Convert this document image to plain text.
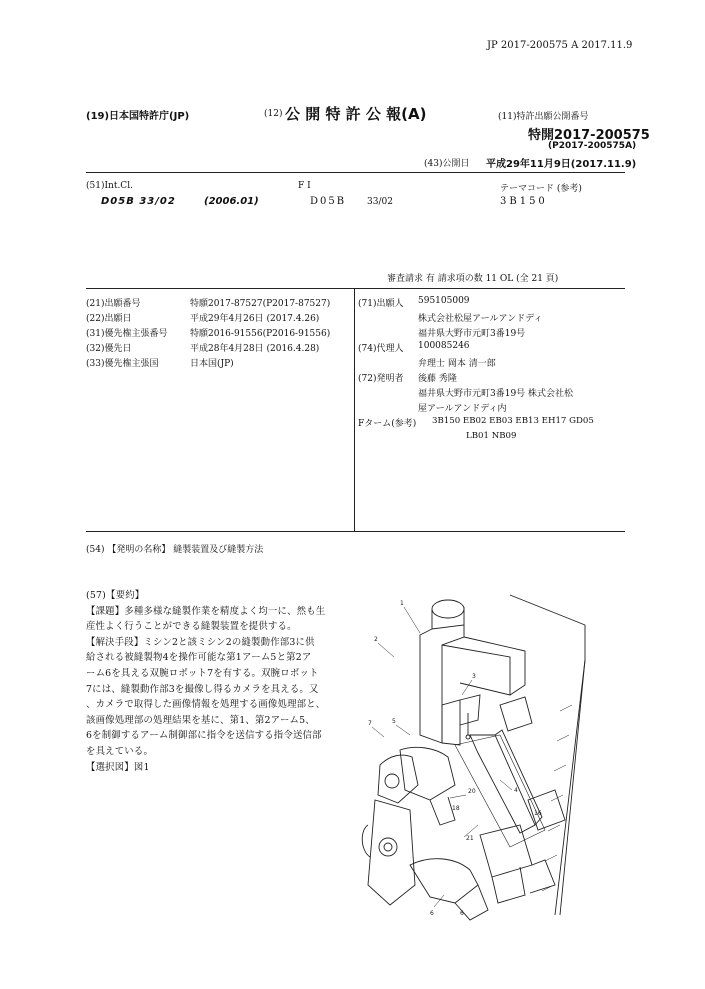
JP 2017-200575 A 2017.11.9
(19)日本国特許庁(JP)	(12) 公 開 特 許 公 報(A)	(11)特許出願公開番号
特開2017-200575
(P2017-200575A)
(43)公開日 平成29年11月9日(2017.11.9)
(51)Int.Cl.
D05B 33/02	(2006.01)
F I
D05B 33/02
テーマコード (参考)
3B150
審査請求 有 請求項の数 11 OL (全 21 頁)
(21)出願番号	特願2017-87527(P2017-87527)
(22)出願日	平成29年4月26日 (2017.4.26)
(31)優先権主張番号	特願2016-91556(P2016-91556)
(32)優先日	平成28年4月28日 (2016.4.28)
(33)優先権主張国	日本国(JP)
(71)出願人 595105009
株式会社松屋アールアンドディ
福井県大野市元町3番19号
(74)代理人 100085246
弁理士 岡本 清一郎
(72)発明者 後藤 秀隆
福井県大野市元町3番19号 株式会社松
屋アールアンドディ内
Fターム(参考) 3B150 EB02 EB03 EB13 EH17 GD05
LB01 NB09
(54) 【発明の名称】 縫製装置及び縫製方法

(57)【要約】

【課題】多種多様な縫製作業を精度よく均一に、然も生

産性よく行うことができる縫製装置を提供する。

【解決手段】ミシン2と該ミシン2の縫製動作部3に供

給される被縫製物4を操作可能な第1アーム5と第2ア

ーム6を具える双腕ロボット7を有する。双腕ロボット

7には、縫製動作部3を撮像し得るカメラを具える。又

、カメラで取得した画像情報を処理する画像処理部と、

該画像処理部の処理結果を基に、第1、第2アーム5、

6を制御するアーム制御部に指令を送信する指令送信部

を具えている。

【選択図】図1

1
2
3
4
5
6
7
20
18
21
16
6
